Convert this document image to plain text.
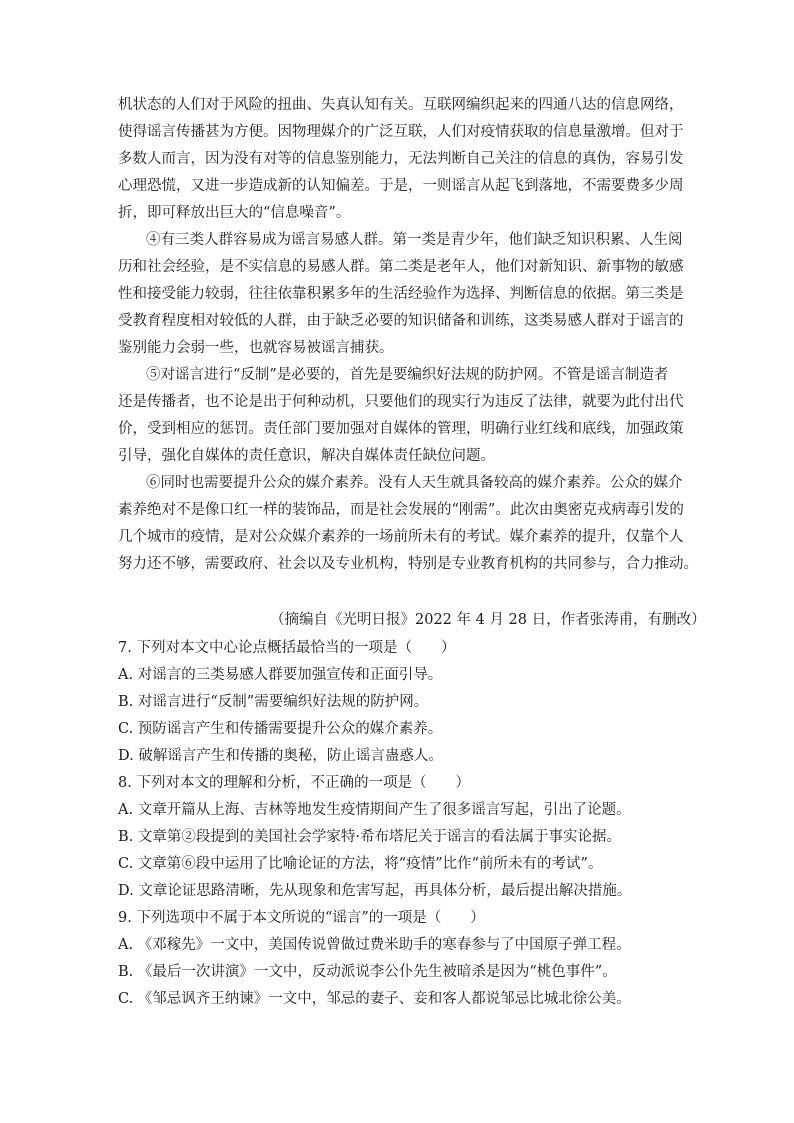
机状态的人们对于风险的扭曲、失真认知有关。互联网编织起来的四通八达的信息网络，

使得谣言传播甚为方便。因物理媒介的广泛互联，人们对疫情获取的信息量激增。但对于

多数人而言，因为没有对等的信息鉴别能力，无法判断自己关注的信息的真伪，容易引发

心理恐慌，又进一步造成新的认知偏差。于是，一则谣言从起飞到落地，不需要费多少周

折，即可释放出巨大的“信息噪音”。

④有三类人群容易成为谣言易感人群。第一类是青少年，他们缺乏知识积累、人生阅

历和社会经验，是不实信息的易感人群。第二类是老年人，他们对新知识、新事物的敏感

性和接受能力较弱，往往依靠积累多年的生活经验作为选择、判断信息的依据。第三类是

受教育程度相对较低的人群，由于缺乏必要的知识储备和训练，这类易感人群对于谣言的

鉴别能力会弱一些，也就容易被谣言捕获。

⑤对谣言进行“反制”是必要的，首先是要编织好法规的防护网。不管是谣言制造者

还是传播者，也不论是出于何种动机，只要他们的现实行为违反了法律，就要为此付出代

价，受到相应的惩罚。责任部门要加强对自媒体的管理，明确行业红线和底线，加强政策

引导，强化自媒体的责任意识，解决自媒体责任缺位问题。

⑥同时也需要提升公众的媒介素养。没有人天生就具备较高的媒介素养。公众的媒介

素养绝对不是像口红一样的装饰品，而是社会发展的“刚需”。此次由奥密克戎病毒引发的

几个城市的疫情，是对公众媒介素养的一场前所未有的考试。媒介素养的提升，仅靠个人

努力还不够，需要政府、社会以及专业机构，特别是专业教育机构的共同参与，合力推动。

（摘编自《光明日报》2022 年 4 月 28 日，作者张涛甫，有删改）

7. 下列对本文中心论点概括最恰当的一项是（　　）

A. 对谣言的三类易感人群要加强宣传和正面引导。

B. 对谣言进行“反制”需要编织好法规的防护网。

C. 预防谣言产生和传播需要提升公众的媒介素养。

D. 破解谣言产生和传播的奥秘，防止谣言蛊惑人。

8. 下列对本文的理解和分析，不正确的一项是（　　）

A. 文章开篇从上海、吉林等地发生疫情期间产生了很多谣言写起，引出了论题。

B. 文章第②段提到的美国社会学家特·希布塔尼关于谣言的看法属于事实论据。

C. 文章第⑥段中运用了比喻论证的方法，将“疫情”比作“前所未有的考试”。

D. 文章论证思路清晰，先从现象和危害写起，再具体分析，最后提出解决措施。

9. 下列选项中不属于本文所说的“谣言”的一项是（　　）

A. 《邓稼先》一文中，美国传说曾做过费米助手的寒春参与了中国原子弹工程。

B. 《最后一次讲演》一文中，反动派说李公仆先生被暗杀是因为“桃色事件”。

C. 《邹忌讽齐王纳谏》一文中，邹忌的妻子、妾和客人都说邹忌比城北徐公美。
